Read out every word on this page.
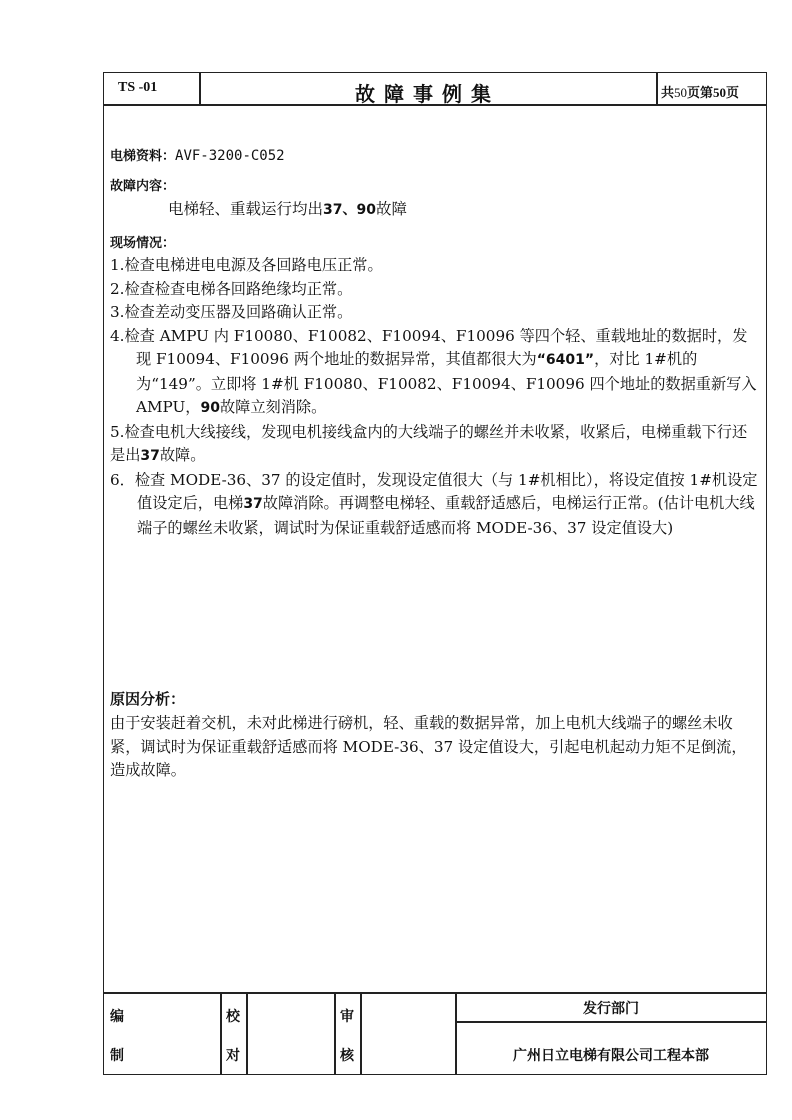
TS -01	故障事例集	共50页第50页
电梯资料：AVF-3200-C052
故障内容：
电梯轻、重载运行均出37、90故障
现场情况：
1.检查电梯进电电源及各回路电压正常。
2.检查检查电梯各回路绝缘均正常。
3.检查差动变压器及回路确认正常。
4.检查 AMPU 内 F10080、F10082、F10094、F10096 等四个轻、重载地址的数据时，发现 F10094、F10096 两个地址的数据异常，其值都很大为“6401”，对比 1#机的为“149”。立即将 1#机 F10080、F10082、F10094、F10096 四个地址的数据重新写入 AMPU，90故障立刻消除。
5.检查电机大线接线，发现电机接线盒内的大线端子的螺丝并未收紧，收紧后，电梯重载下行还是出37故障。
6．检查 MODE-36、37 的设定值时，发现设定值很大（与 1#机相比），将设定值按 1#机设定值设定后，电梯37故障消除。再调整电梯轻、重载舒适感后，电梯运行正常。(估计电机大线端子的螺丝未收紧，调试时为保证重载舒适感而将 MODE-36、37 设定值设大)
原因分析：
由于安装赶着交机，未对此梯进行磅机，轻、重载的数据异常，加上电机大线端子的螺丝未收紧，调试时为保证重载舒适感而将 MODE-36、37 设定值设大，引起电机起动力矩不足倒流，造成故障。
编
制
校
对
审
核
发行部门
广州日立电梯有限公司工程本部
